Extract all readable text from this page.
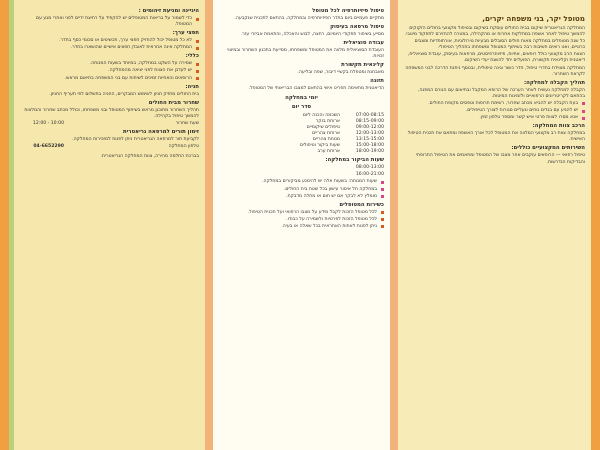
מטופל יקר, בני משפחה יקרים,

המחלקה הגריאטרית שיקום בבית החולים עוסקת בשיקום ובטיפול מקצועי בחולים הזקוקים להמשך טיפול לאחר אשפוז במחלקות אחרות או מהקהילה, במטרה להחזירם לתפקוד מיטבי.

כל שנה מטופלים במחלקה מאות חולים הסובלים מבעיות נוירולוגיות, אורתופדיות ומצבים כרוניים, ואנו רואים חשיבות רבה בשיתוף המטופל ומשפחתו בתהליך הטיפולי.

הצוות הרב מקצועי כולל רופאים, אחיות, פיזיותרפיסטים, מרפאות בעיסוק, עובדת סוציאלית, דיאטנית וקלינאית תקשורת, הפועלים יחד להשגת יעדי השיקום.

המחלקה מצוידת בחדרי טיפול, חדר כושר וגינה טיפולית, ובנוסף ניתנת הדרכה לבני המשפחה לקראת השחרור.

תהליך הקבלה למחלקה:

הקבלה למחלקה נעשית לאחר הערכה של הרופא המקבל ובתיאום עם הגורם המפנה, בהתאם לקריטריונים הרפואיים ולזמינות המיטות.

בעת הקבלה יש להביא מכתב שחרור, רשימת תרופות וטפסים מקופת החולים.

יש להגיע עם בגדים נוחים ונעליים סגורות לצורך הטיפולים.

אנא מסרו לצוות פרטי איש קשר ומספר טלפון זמין.

הרכב צוות המחלקה:

במחלקה צוות רב מקצועי המלווה את המטופל לכל אורך האשפוז ומתאם את תכנית הטיפול האישית.

השירותים המקצועיים כוללים:

טיפול רפואי — הרופאים עוקבים אחר מצבו של המטופל ומתאמים את הטיפול התרופתי והבדיקות הנדרשות.

טיפול פיזיותרפיה לכל מטופל

מתקיים פעמיים ביום בחדר הפיזיותרפיה ובמחלקה, בהתאם לתכנית שנקבעה.

טיפול מרפאה בעיסוק

מסייע בשיפור תפקודי היומיום, רחצה, לבוש והאכלה, והתאמת אביזרי עזר.

עבודה סוציאלית

העובדת הסוציאלית מלווה את המטופל ומשפחתו, מסייעת בתכנון השחרור ובמיצוי זכויות.

קלינאית תקשורת

מאבחנת ומטפלת בקשיי דיבור, שפה ובליעה.

תזונה

הדיאטנית מתאימה תפריט אישי בהתאם למצבו הבריאותי של המטופל.

יומי במחלקה
סדר יום
07:00-08:15
השכמה והכנה ליום
08:15-09:00
ארוחת בוקר
09:00-12:00
טיפולים שיקומיים
12:00-13:00
ארוחת צהריים
13:15-15:00
מנוחת צהריים
15:00-18:00
שעות ביקור וטיפולים
18:00-19:00
ארוחת ערב
שעות הביקור במחלקה:

08:00-13:00

16:00-21:00

שעות המנוחה: בשעות אלה יש להימנע מביקורים במחלקה.

במחלקה חל איסור עישון בכל שטח בית החולים.

מומלץ לא לבקר אם יש חום או מחלה מדבקת.

כשירות המטופלים

לכל מטופל הזכות לקבל מידע על מצבו הרפואי ועל תכנית הטיפול.

לכל מטופל הזכות לפרטיות ולשמירה על כבודו.

ניתן לפנות לאחות האחראית בכל שאלה או בעיה.

היגיינה ומניעת זיהומים :

כדי לשמור על בריאות המטופלים יש להקפיד על רחיצת ידיים לפני ואחרי מגע עם המטופל.

חפצי ערך:

לא כל מטופל יכול להחזיק חפצי ערך, תכשיטים או סכומי כסף בחדר.

המחלקה אינה אחראית לאובדן חפצים אישיים שהושארו בחדר.

כללי:

שמירה על השקט במחלקה, במיוחד בשעות המנוחה.

יש לעדכן את הצוות לפני יציאה מהמחלקה.

הרופאים והאחיות זמינים לשיחות עם בני המשפחה בתיאום מראש.

חניה:

בית החולים מחזיק חניון לשימוש המבקרים, החניה בתשלום לפי תעריף החניון.

שחרור מבית החולים

תהליך השחרור מתוכנן מראש בשיתוף המטופל ובני משפחתו, וכולל מכתב שחרור והמלצות להמשך טיפול בקהילה.

שעת שחרור
10:00 - 12:00
זימון תורים למרפאה גריאטרית

לקביעת תור למרפאה הגריאטרית ניתן לפנות למזכירות המחלקה.

טלפון המחלקה
04-6652290

בברכת החלמה מהירה, צוות המחלקה הגריאטרית.
